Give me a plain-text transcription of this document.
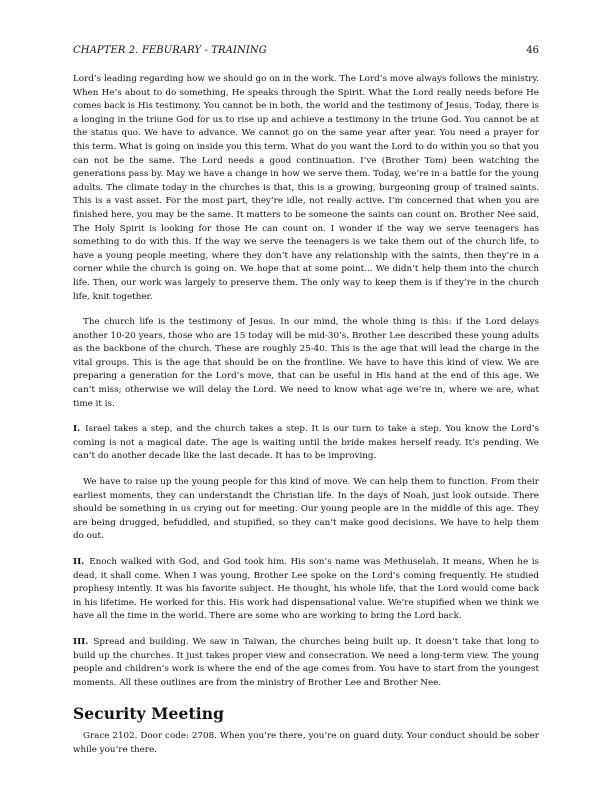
CHAPTER 2. FEBURARY - TRAINING	46

Lord’s leading regarding how we should go on in the work. The Lord’s move always follows the ministry. When He’s about to do something, He speaks through the Spirit. What the Lord really needs before He comes back is His testimony. You cannot be in both, the world and the testimony of Jesus. Today, there is a longing in the triune God for us to rise up and achieve a testimony in the triune God. You cannot be at the status quo. We have to advance. We cannot go on the same year after year. You need a prayer for this term. What is going on inside you this term. What do you want the Lord to do within you so that you can not be the same. The Lord needs a good continuation. I’ve (Brother Tom) been watching the generations pass by. May we have a change in how we serve them. Today, we’re in a battle for the young adults. The climate today in the churches is that, this is a growing, burgeoning group of trained saints. This is a vast asset. For the most part, they’re idle, not really active. I’m concerned that when you are finished here, you may be the same. It matters to be someone the saints can count on. Brother Nee said, The Holy Spirit is looking for those He can count on. I wonder if the way we serve teenagers has something to do with this. If the way we serve the teenagers is we take them out of the church life, to have a young people meeting, where they don’t have any relationship with the saints, then they’re in a corner while the church is going on. We hope that at some point... We didn’t help them into the church life. Then, our work was largely to preserve them. The only way to keep them is if they’re in the church life, knit together.

The church life is the testimony of Jesus. In our mind, the whole thing is this: if the Lord delays another 10-20 years, those who are 15 today will be mid-30’s. Brother Lee described these young adults as the backbone of the church. These are roughly 25-40. This is the age that will lead the charge in the vital groups. This is the age that should be on the frontline. We have to have this kind of view. We are preparing a generation for the Lord’s move, that can be useful in His hand at the end of this age. We can’t miss; otherwise we will delay the Lord. We need to know what age we’re in, where we are, what time it is.

I. Israel takes a step, and the church takes a step. It is our turn to take a step. You know the Lord’s coming is not a magical date. The age is waiting until the bride makes herself ready. It’s pending. We can’t do another decade like the last decade. It has to be improving.

We have to raise up the young people for this kind of move. We can help them to function. From their earliest moments, they can understandt the Christian life. In the days of Noah, just look outside. There should be something in us crying out for meeting. Our young people are in the middle of this age. They are being drugged, befuddled, and stupified, so they can’t make good decisions. We have to help them do out.

II. Enoch walked with God, and God took him. His son’s name was Methuselah. It means, When he is dead, it shall come. When I was young, Brother Lee spoke on the Lord’s coming frequently. He studied prophesy intently. It was his favorite subject. He thought, his whole life, that the Lord would come back in his lifetime. He worked for this. His work had dispensational value. We’re stupified when we think we have all the time in the world. There are some who are working to bring the Lord back.

III. Spread and building. We saw in Taiwan, the churches being built up. It doesn’t take that long to build up the churches. It just takes proper view and consecration. We need a long-term view. The young people and children’s work is where the end of the age comes from. You have to start from the youngest moments. All these outlines are from the ministry of Brother Lee and Brother Nee.

Security Meeting

Grace 2102. Door code: 2708. When you’re there, you’re on guard duty. Your conduct should be sober while you’re there.
